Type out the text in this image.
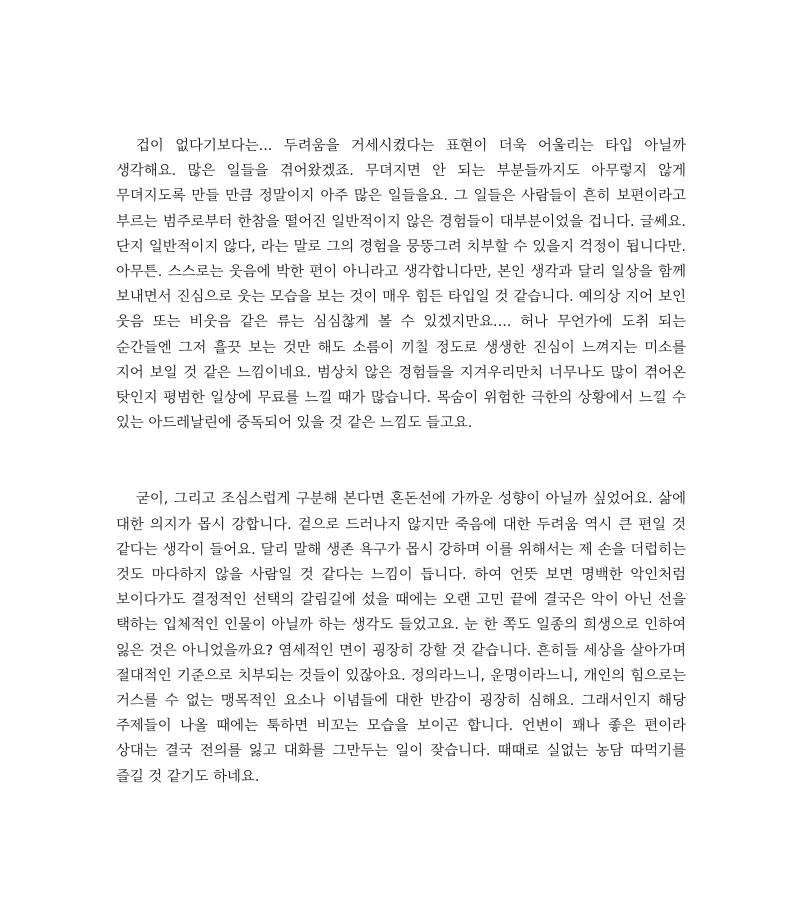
겁이 없다기보다는... 두려움을 거세시켰다는 표현이 더욱 어울리는 타입 아닐까 생각해요. 많은 일들을 겪어왔겠죠. 무뎌지면 안 되는 부분들까지도 아무렇지 않게 무뎌지도록 만들 만큼 정말이지 아주 많은 일들을요. 그 일들은 사람들이 흔히 보편이라고 부르는 범주로부터 한참을 떨어진 일반적이지 않은 경험들이 대부분이었을 겁니다. 글쎄요. 단지 일반적이지 않다, 라는 말로 그의 경험을 뭉뚱그려 치부할 수 있을지 걱정이 됩니다만. 아무튼. 스스로는 웃음에 박한 편이 아니라고 생각합니다만, 본인 생각과 달리 일상을 함께 보내면서 진심으로 웃는 모습을 보는 것이 매우 힘든 타입일 것 같습니다. 예의상 지어 보인 웃음 또는 비웃음 같은 류는 심심찮게 볼 수 있겠지만요.... 허나 무언가에 도취 되는 순간들엔 그저 흘끗 보는 것만 해도 소름이 끼칠 정도로 생생한 진심이 느껴지는 미소를 지어 보일 것 같은 느낌이네요. 범상치 않은 경험들을 지겨우리만치 너무나도 많이 겪어온 탓인지 평범한 일상에 무료를 느낄 때가 많습니다. 목숨이 위험한 극한의 상황에서 느낄 수 있는 아드레날린에 중독되어 있을 것 같은 느낌도 들고요.

굳이, 그리고 조심스럽게 구분해 본다면 혼돈선에 가까운 성향이 아닐까 싶었어요. 삶에 대한 의지가 몹시 강합니다. 겉으로 드러나지 않지만 죽음에 대한 두려움 역시 큰 편일 것 같다는 생각이 들어요. 달리 말해 생존 욕구가 몹시 강하며 이를 위해서는 제 손을 더럽히는 것도 마다하지 않을 사람일 것 같다는 느낌이 듭니다. 하여 언뜻 보면 명백한 악인처럼 보이다가도 결정적인 선택의 갈림길에 섰을 때에는 오랜 고민 끝에 결국은 악이 아닌 선을 택하는 입체적인 인물이 아닐까 하는 생각도 들었고요. 눈 한 쪽도 일종의 희생으로 인하여 잃은 것은 아니었을까요? 염세적인 면이 굉장히 강할 것 같습니다. 흔히들 세상을 살아가며 절대적인 기준으로 치부되는 것들이 있잖아요. 정의라느니, 운명이라느니, 개인의 힘으로는 거스를 수 없는 맹목적인 요소나 이념들에 대한 반감이 굉장히 심해요. 그래서인지 해당 주제들이 나올 때에는 툭하면 비꼬는 모습을 보이곤 합니다. 언변이 꽤나 좋은 편이라 상대는 결국 전의를 잃고 대화를 그만두는 일이 잦습니다. 때때로 실없는 농담 따먹기를 즐길 것 같기도 하네요.
